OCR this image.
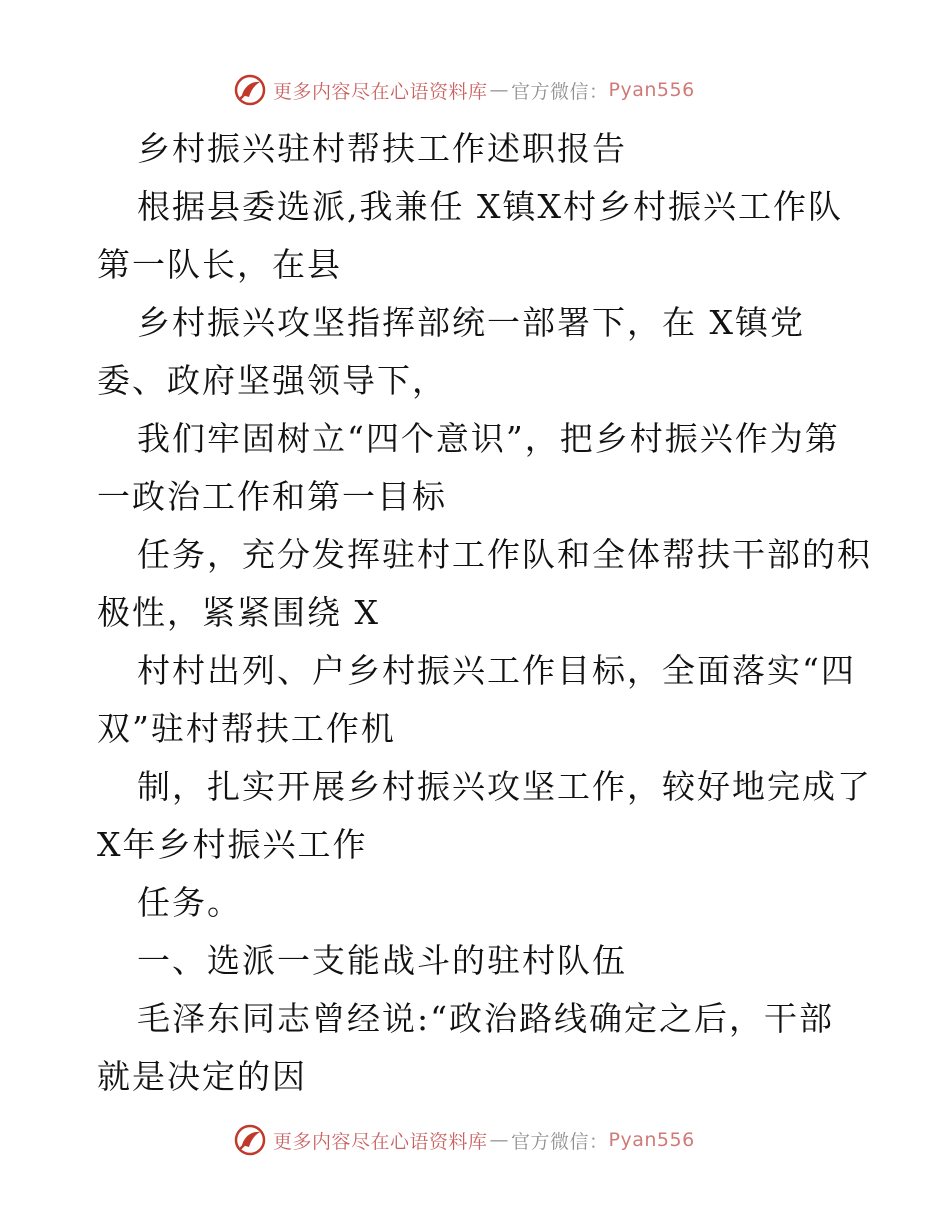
更多内容尽在心语资料库 — 官方微信： Pyan556
乡村振兴驻村帮扶工作述职报告
根据县委选派,我兼任 X镇X村乡村振兴工作队
第一队长，在县
乡村振兴攻坚指挥部统一部署下，在 X镇党
委、政府坚强领导下，
我们牢固树立“四个意识”，把乡村振兴作为第
一政治工作和第一目标
任务，充分发挥驻村工作队和全体帮扶干部的积
极性，紧紧围绕 X
村村出列、户乡村振兴工作目标，全面落实“四
双”驻村帮扶工作机
制，扎实开展乡村振兴攻坚工作，较好地完成了
X年乡村振兴工作
任务。
一、选派一支能战斗的驻村队伍
毛泽东同志曾经说:“政治路线确定之后，干部
就是决定的因
更多内容尽在心语资料库 — 官方微信： Pyan556
